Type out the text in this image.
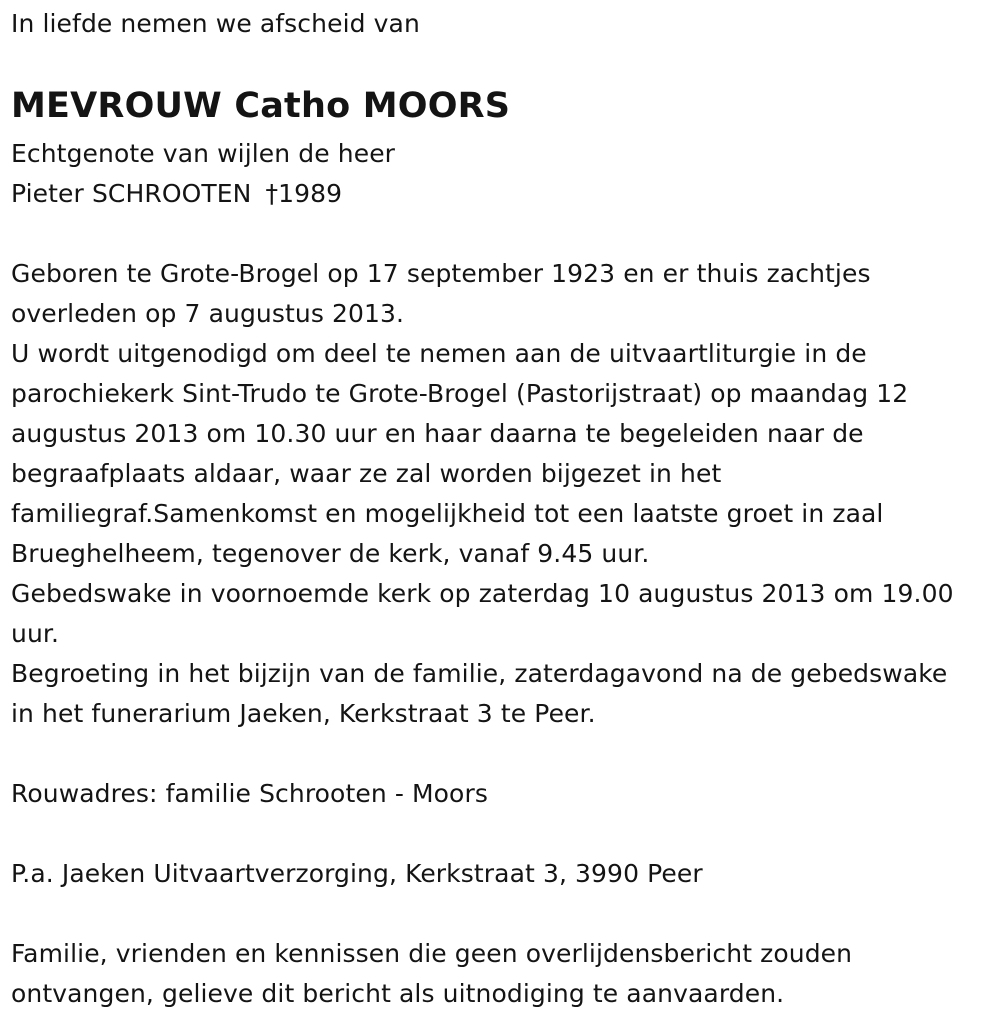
In liefde nemen we afscheid van
MEVROUW Catho MOORS
Echtgenote van wijlen de heer
Pieter SCHROOTEN †1989
Geboren te Grote-Brogel op 17 september 1923 en er thuis zachtjes
overleden op 7 augustus 2013.
U wordt uitgenodigd om deel te nemen aan de uitvaartliturgie in de
parochiekerk Sint-Trudo te Grote-Brogel (Pastorijstraat) op maandag 12
augustus 2013 om 10.30 uur en haar daarna te begeleiden naar de
begraafplaats aldaar, waar ze zal worden bijgezet in het
familiegraf.Samenkomst en mogelijkheid tot een laatste groet in zaal
Brueghelheem, tegenover de kerk, vanaf 9.45 uur.
Gebedswake in voornoemde kerk op zaterdag 10 augustus 2013 om 19.00
uur.
Begroeting in het bijzijn van de familie, zaterdagavond na de gebedswake
in het funerarium Jaeken, Kerkstraat 3 te Peer.
Rouwadres: familie Schrooten - Moors
P.a. Jaeken Uitvaartverzorging, Kerkstraat 3, 3990 Peer
Familie, vrienden en kennissen die geen overlijdensbericht zouden
ontvangen, gelieve dit bericht als uitnodiging te aanvaarden.
